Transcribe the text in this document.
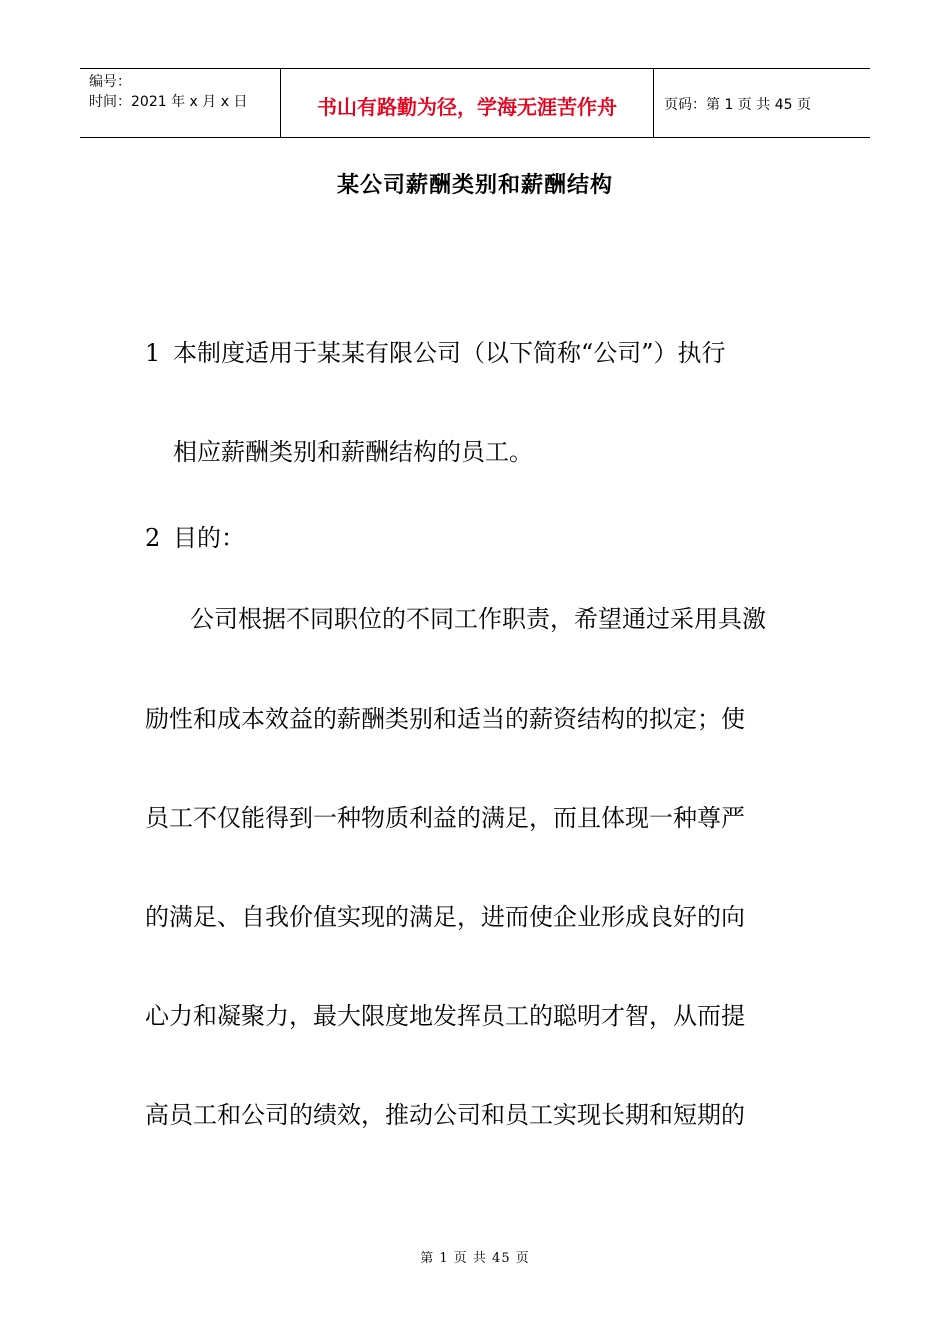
编号：
时间：2021 年 x 月 x 日	书山有路勤为径，学海无涯苦作舟	页码：第 1 页 共 45 页
某公司薪酬类别和薪酬结构
1 本制度适用于某某有限公司（以下简称“公司”）执行
相应薪酬类别和薪酬结构的员工。
2 目的：
公司根据不同职位的不同工作职责，希望通过采用具激
励性和成本效益的薪酬类别和适当的薪资结构的拟定；使
员工不仅能得到一种物质利益的满足，而且体现一种尊严
的满足、自我价值实现的满足，进而使企业形成良好的向
心力和凝聚力，最大限度地发挥员工的聪明才智，从而提
高员工和公司的绩效，推动公司和员工实现长期和短期的
第 1 页 共 45 页
